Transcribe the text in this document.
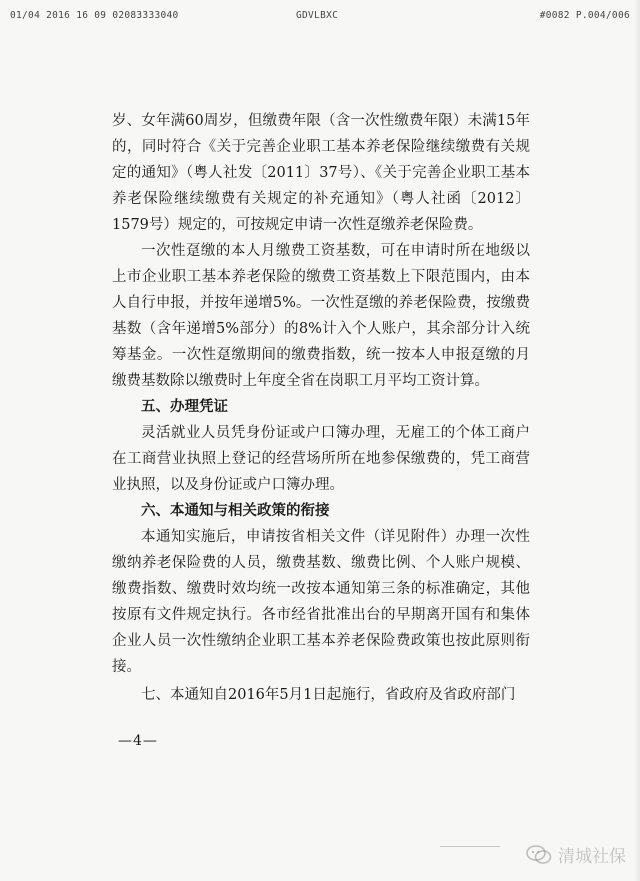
01/04 2016 16 09 02083333040	GDVLBXC	#0082 P.004/006

岁、女年满60周岁，但缴费年限（含一次性缴费年限）未满15年的，同时符合《关于完善企业职工基本养老保险继续缴费有关规定的通知》（粤人社发〔2011〕37号）、《关于完善企业职工基本养老保险继续缴费有关规定的补充通知》（粤人社函〔2012〕1579号）规定的，可按规定申请一次性趸缴养老保险费。

一次性趸缴的本人月缴费工资基数，可在申请时所在地级以上市企业职工基本养老保险的缴费工资基数上下限范围内，由本人自行申报，并按年递增5%。一次性趸缴的养老保险费，按缴费基数（含年递增5%部分）的8%计入个人账户，其余部分计入统筹基金。一次性趸缴期间的缴费指数，统一按本人申报趸缴的月缴费基数除以缴费时上年度全省在岗职工月平均工资计算。

五、办理凭证

灵活就业人员凭身份证或户口簿办理，无雇工的个体工商户在工商营业执照上登记的经营场所所在地参保缴费的，凭工商营业执照，以及身份证或户口簿办理。

六、本通知与相关政策的衔接

本通知实施后，申请按省相关文件（详见附件）办理一次性缴纳养老保险费的人员，缴费基数、缴费比例、个人账户规模、缴费指数、缴费时效均统一改按本通知第三条的标准确定，其他按原有文件规定执行。各市经省批准出台的早期离开国有和集体企业人员一次性缴纳企业职工基本养老保险费政策也按此原则衔接。

七、本通知自2016年5月1日起施行，省政府及省政府部门

—4—
清城社保
